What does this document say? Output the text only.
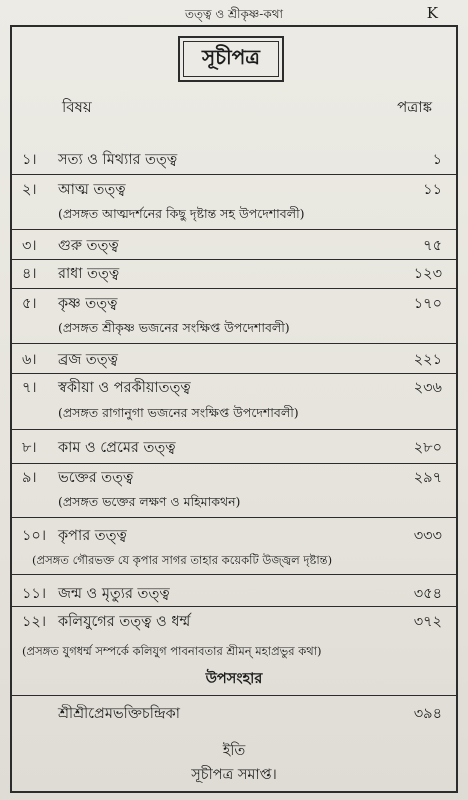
তত্ত্ব ও শ্রীকৃষ্ণ-কথা	K
সূচীপত্র
বিষয়	পত্রাঙ্ক
১। সত্য ও মিথ্যার তত্ত্ব	১
২। আত্ম তত্ত্ব	১১
(প্রসঙ্গত আত্মদর্শনের কিছু দৃষ্টান্ত সহ উপদেশাবলী)
৩। গুরু তত্ত্ব	৭৫
৪। রাধা তত্ত্ব	১২৩
৫। কৃষ্ণ তত্ত্ব	১৭০
(প্রসঙ্গত শ্রীকৃষ্ণ ভজনের সংক্ষিপ্ত উপদেশাবলী)
৬। ব্রজ তত্ত্ব	২২১
৭। স্বকীয়া ও পরকীয়াতত্ত্ব	২৩৬
(প্রসঙ্গত রাগানুগা ভজনের সংক্ষিপ্ত উপদেশাবলী)
৮। কাম ও প্রেমের তত্ত্ব	২৮০
৯। ভক্তের তত্ত্ব	২৯৭
(প্রসঙ্গত ভক্তের লক্ষণ ও মহিমাকথন)
১০। কৃপার তত্ত্ব	৩৩৩
(প্রসঙ্গত গৌরভক্ত যে কৃপার সাগর তাহার কয়েকটি উজ্জ্বল দৃষ্টান্ত)
১১। জন্ম ও মৃত্যুর তত্ত্ব	৩৫৪
১২। কলিযুগের তত্ত্ব ও ধর্ম্ম	৩৭২
(প্রসঙ্গত যুগধর্ম্ম সম্পর্কে কলিযুগ পাবনাবতার শ্রীমন্ মহাপ্রভুর কথা)
উপসংহার
শ্রীশ্রীপ্রেমভক্তিচন্দ্রিকা	৩৯৪
ইতি
সূচীপত্র সমাপ্ত।
